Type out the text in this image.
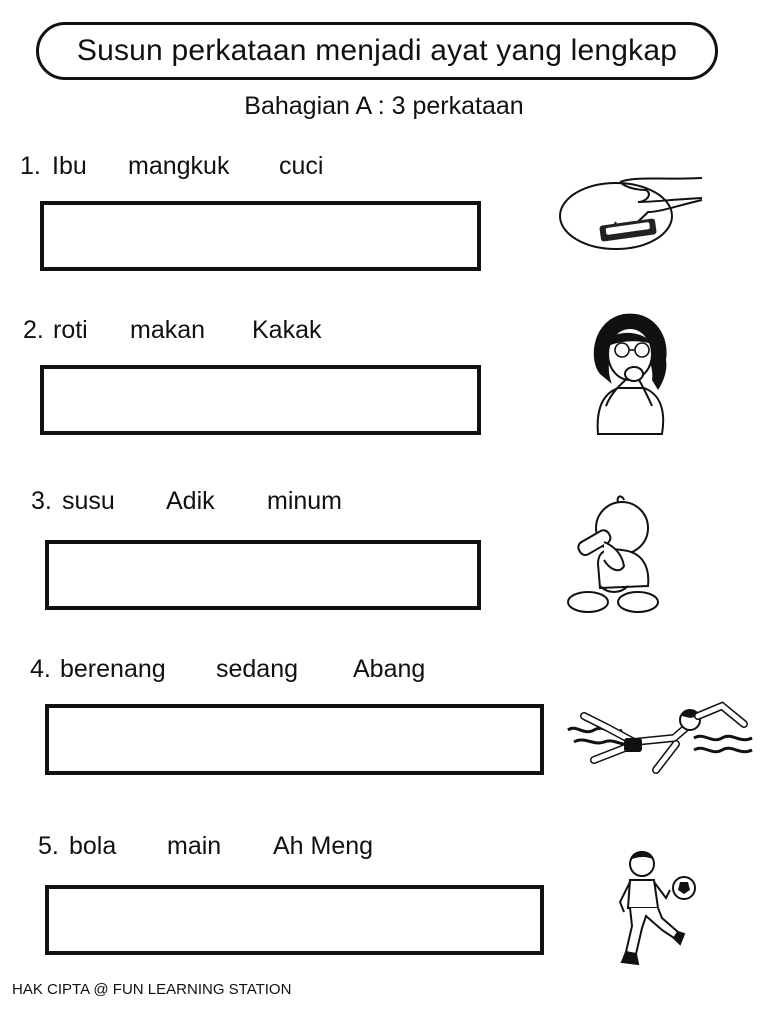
Susun perkataan menjadi ayat yang lengkap
Bahagian A : 3 perkataan
1. Ibu mangkuk cuci
2. roti makan Kakak
3. susu Adik minum
4. berenang sedang Abang
5. bola main Ah Meng
HAK CIPTA @ FUN LEARNING STATION
